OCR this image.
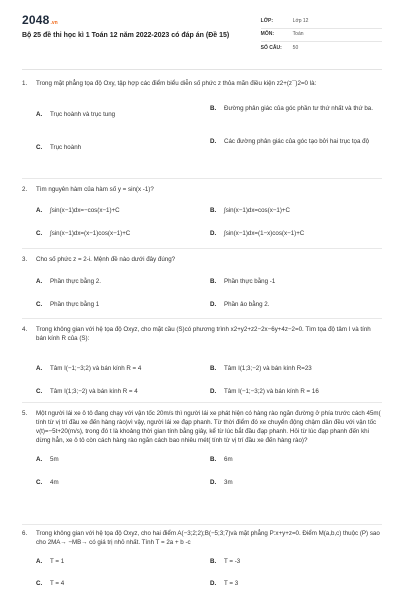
2048.vn
Bộ 25 đề thi học kì 1 Toán 12 năm 2022-2023 có đáp án (Đề 15)
LỚP:	Lớp 12
MÔN:	Toán
SỐ CÂU:	50
1.	Trong mặt phẳng tọa độ Oxy, tập hợp các điểm biểu diễn số phức z thỏa mãn điều kiện z2+(z¯)2=0 là:
A.	Trục hoành và trục tung
B.	Đường phân giác của góc phần tư thứ nhất và thứ ba.
C.	Trục hoành
D.	Các đường phân giác của góc tạo bởi hai trục tọa độ
2.	Tìm nguyên hàm của hàm số y = sin(x -1)?
A.	∫sin(x−1)dx=−cos(x−1)+C	B.	∫sin(x−1)dx=cos(x−1)+C
C.	∫sin(x−1)dx=(x−1)cos(x−1)+C	D.	∫sin(x−1)dx=(1−x)cos(x−1)+C
3.	Cho số phức z = 2-i. Mệnh đề nào dưới đây đúng?
A.	Phần thực bằng 2.	B.	Phần thực bằng -1
C.	Phần thực bằng 1	D.	Phần ảo bằng 2.
4.	Trong không gian với hệ tọa độ Oxyz, cho mặt cầu (S)có phương trình x2+y2+z2−2x−6y+4z−2=0. Tìm tọa độ tâm I và tính bán kính R của (S):
A.	Tâm I(−1;−3;2) và bán kính R = 4	B.	Tâm I(1;3;−2) và bán kính R=23
C.	Tâm I(1;3;−2) và bán kính R = 4	D.	Tâm I(−1;−3;2) và bán kính R = 16
5.	Một người lái xe ô tô đang chạy với vận tốc 20m/s thì người lái xe phát hiện có hàng rào ngăn đường ở phía trước cách 45m( tính từ vị trí đầu xe đến hàng rào)vì vậy, người lái xe đạp phanh. Từ thời điểm đó xe chuyển động chậm dần đều với vận tốc v(t)=−5t+20(m/s), trong đó t là khoảng thời gian tính bằng giây, kể từ lúc bắt đầu đạp phanh. Hỏi từ lúc đạp phanh đến khi dừng hẳn, xe ô tô còn cách hàng rào ngăn cách bao nhiêu mét( tính từ vị trí đầu xe đến hàng rào)?
A.	5m	B.	6m
C.	4m	D.	3m
6.	Trong không gian với hệ tọa độ Oxyz, cho hai điểm A(−3;2;2);B(−5;3;7)và mặt phẳng P:x+y+z=0. Điểm M(a,b,c) thuộc (P) sao cho 2MA→ −MB→ có giá trị nhỏ nhất. Tính T = 2a + b -c
A.	T = 1	B.	T = -3
C.	T = 4	D.	T = 3
